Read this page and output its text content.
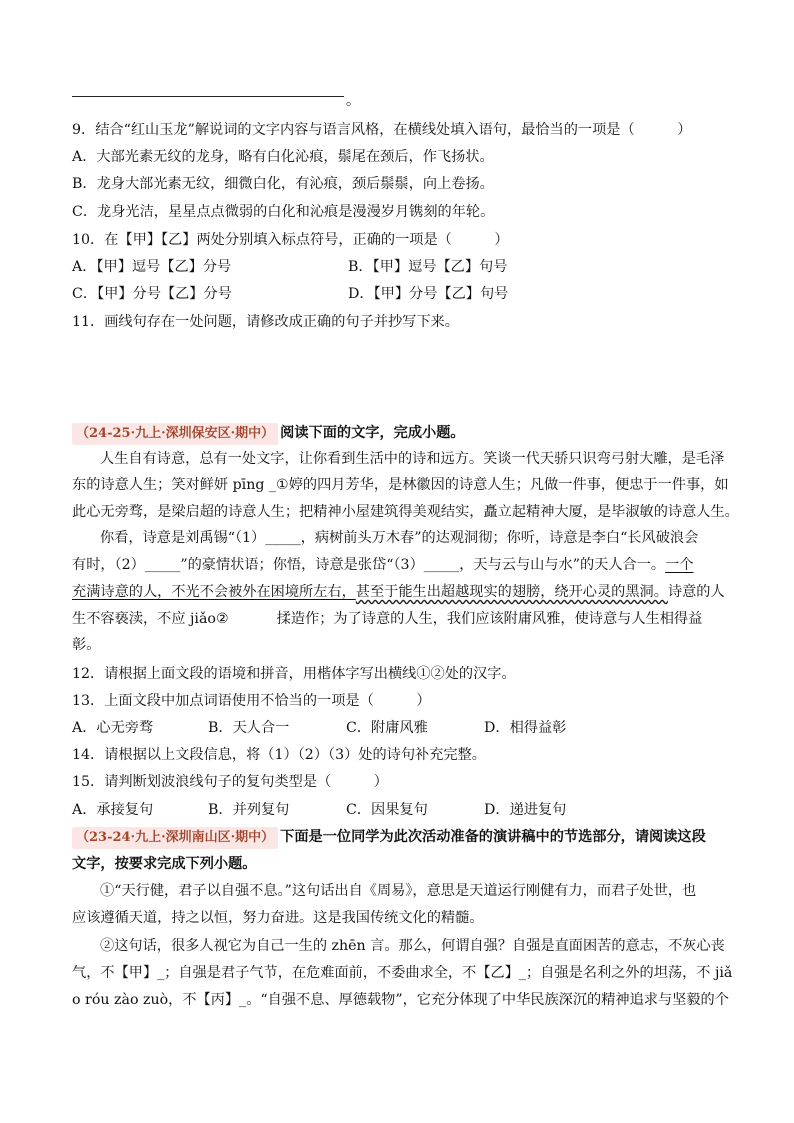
。
9．结合“红山玉龙”解说词的文字内容与语言风格，在横线处填入语句，最恰当的一项是（　　　）
A．大部光素无纹的龙身，略有白化沁痕，鬃尾在颈后，作飞扬状。
B．龙身大部光素无纹，细微白化，有沁痕，颈后鬃鬃，向上卷扬。
C．龙身光洁，星星点点微弱的白化和沁痕是漫漫岁月镌刻的年轮。
10．在【甲】【乙】两处分别填入标点符号，正确的一项是（　　　）
A．【甲】逗号【乙】分号	B．【甲】逗号【乙】句号
C．【甲】分号【乙】分号	D．【甲】分号【乙】句号
11．画线句存在一处问题，请修改成正确的句子并抄写下来。
（24-25·九上·深圳保安区·期中） 阅读下面的文字，完成小题。
人生自有诗意，总有一处文字，让你看到生活中的诗和远方。笑谈一代天骄只识弯弓射大雕，是毛泽
东的诗意人生；笑对鲜妍 pīng _①婷的四月芳华，是林徽因的诗意人生；凡做一件事，便忠于一件事，如
此心无旁骛，是梁启超的诗意人生；把精神小屋建筑得美观结实，矗立起精神大厦，是毕淑敏的诗意人生。
你看，诗意是刘禹锡“（1）_____，病树前头万木春”的达观洞彻；你听，诗意是李白“长风破浪会
有时，（2）_____”的豪情状语；你悟，诗意是张岱“（3）_____，天与云与山与水”的天人合一。一个
充满诗意的人，不光不会被外在困境所左右，甚至于能生出超越现实的翅膀，绕开心灵的黑洞。诗意的人
生不容亵渎，不应 jiǎo②	揉造作；为了诗意的人生，我们应该附庸风雅，使诗意与人生相得益
彰。
12．请根据上面文段的语境和拼音，用楷体字写出横线①②处的汉字。
13．上面文段中加点词语使用不恰当的一项是（　　　）
A．心无旁骛	B．天人合一	C．附庸风雅	D．相得益彰
14．请根据以上文段信息，将（1）（2）（3）处的诗句补充完整。
15．请判断划波浪线句子的复句类型是（　　　）
A．承接复句	B．并列复句	C．因果复句	D．递进复句
（23-24·九上·深圳南山区·期中） 下面是一位同学为此次活动准备的演讲稿中的节选部分，请阅读这段
文字，按要求完成下列小题。
①“天行健，君子以自强不息。”这句话出自《周易》，意思是天道运行刚健有力，而君子处世，也
应该遵循天道，持之以恒，努力奋进。这是我国传统文化的精髓。
②这句话，很多人视它为自己一生的 zhēn 言。那么，何谓自强？自强是直面困苦的意志，不灰心丧
气，不【甲】_；自强是君子气节，在危难面前，不委曲求全，不【乙】_；自强是名利之外的坦荡，不 jiǎ
o róu zào zuò，不【丙】_。“自强不息、厚德载物”，它充分体现了中华民族深沉的精神追求与坚毅的个
